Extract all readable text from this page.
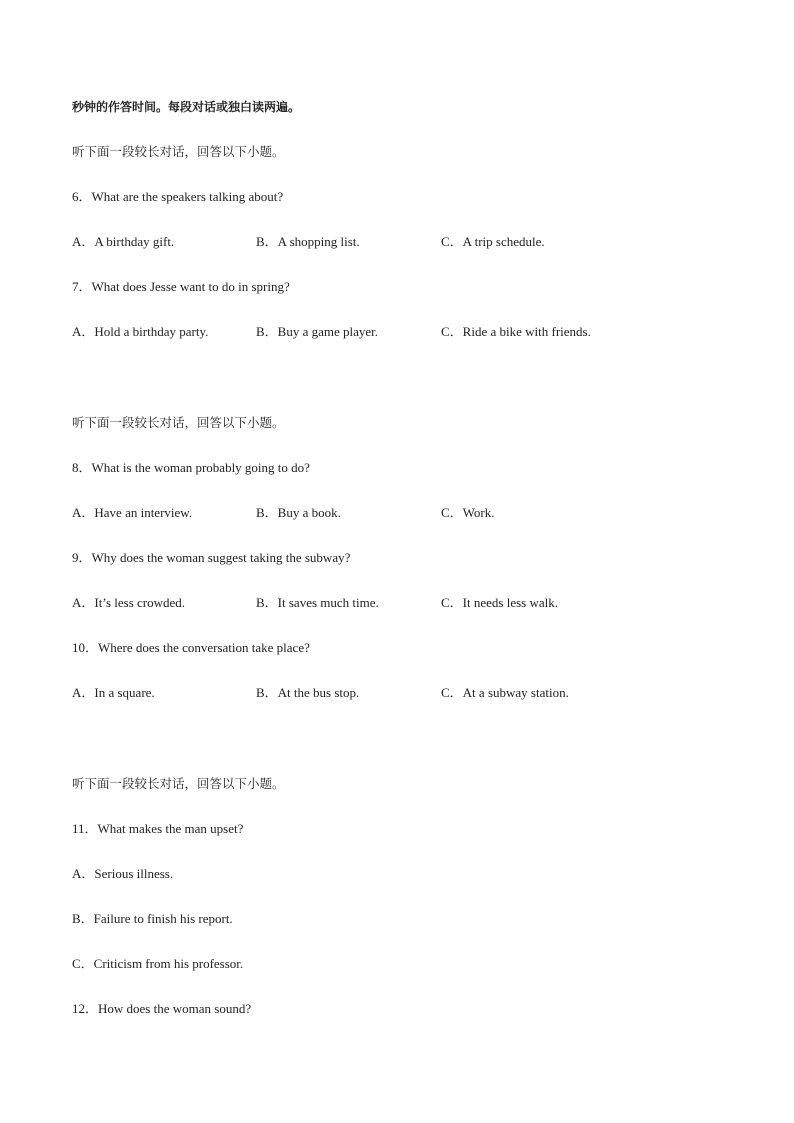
秒钟的作答时间。每段对话或独白读两遍。
听下面一段较长对话，回答以下小题。
6．What are the speakers talking about?
A．A birthday gift.	B．A shopping list.	C．A trip schedule.
7．What does Jesse want to do in spring?
A．Hold a birthday party.	B．Buy a game player.	C．Ride a bike with friends.
听下面一段较长对话，回答以下小题。
8．What is the woman probably going to do?
A．Have an interview.	B．Buy a book.	C．Work.
9．Why does the woman suggest taking the subway?
A．It’s less crowded.	B．It saves much time.	C．It needs less walk.
10．Where does the conversation take place?
A．In a square.	B．At the bus stop.	C．At a subway station.
听下面一段较长对话，回答以下小题。
11．What makes the man upset?
A．Serious illness.
B．Failure to finish his report.
C．Criticism from his professor.
12．How does the woman sound?
